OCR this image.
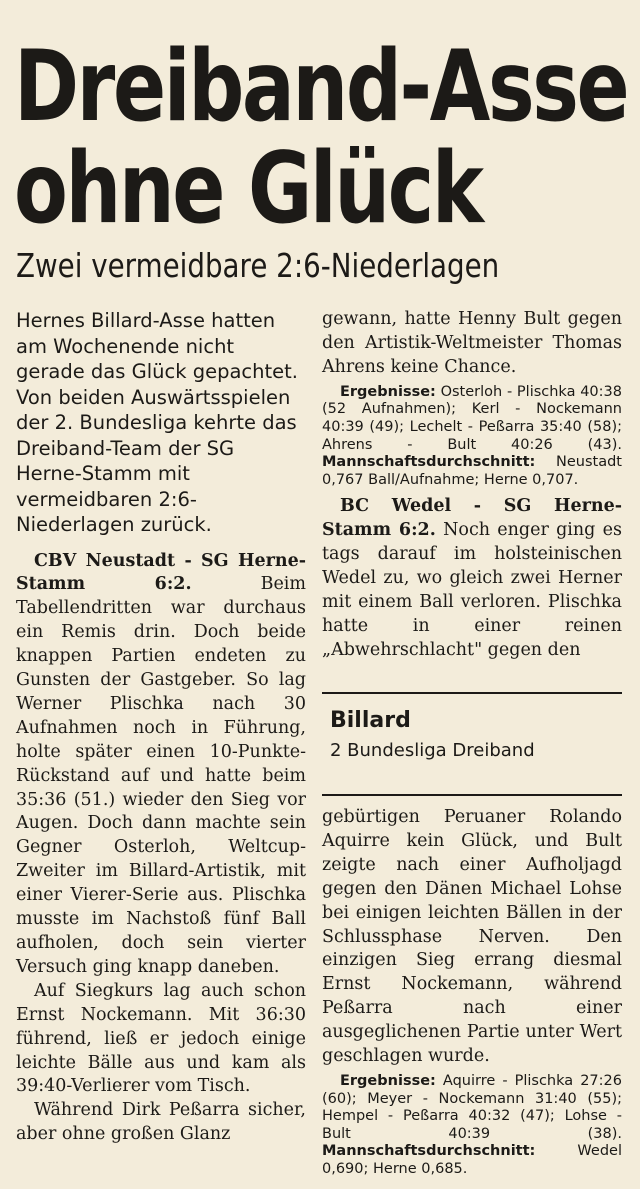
Dreiband-Asse
ohne Glück
Zwei vermeidbare 2:6-Niederlagen

Hernes Billard-Asse hatten am Wochenende nicht gerade das Glück gepachtet. Von beiden Auswärtsspielen der 2. Bundesliga kehrte das Dreiband-Team der SG Herne-Stamm mit vermeidbaren 2:6-Niederlagen zurück.

CBV Neustadt - SG Herne-Stamm 6:2.	Beim Tabellendritten war durchaus ein Remis drin. Doch beide knappen Partien endeten zu Gunsten der Gastgeber. So lag Werner Plischka nach 30 Aufnahmen noch in Führung, holte später einen 10-Punkte-Rückstand auf und hatte beim 35:36 (51.) wieder den Sieg vor Augen. Doch dann machte sein Gegner Osterloh, Weltcup-Zweiter im Billard-Artistik, mit einer Vierer-Serie aus. Plischka musste im Nachstoß fünf Ball aufholen, doch sein vierter Versuch ging knapp daneben.

Auf Siegkurs lag auch schon Ernst Nockemann. Mit 36:30 führend, ließ er jedoch einige leichte Bälle aus und kam als 39:40-Verlierer vom Tisch.

Während Dirk Peßarra sicher, aber ohne großen Glanz

gewann, hatte Henny Bult gegen den Artistik-Weltmeister Thomas Ahrens keine Chance.

Ergebnisse: Osterloh - Plischka 40:38 (52 Aufnahmen); Kerl - Nockemann 40:39 (49); Lechelt - Peßarra 35:40 (58); Ahrens - Bult 40:26 (43). Mannschaftsdurchschnitt: Neustadt 0,767 Ball/Aufnahme; Herne 0,707.

BC Wedel - SG Herne-Stamm 6:2. Noch enger ging es tags darauf im holsteinischen Wedel zu, wo gleich zwei Herner mit einem Ball verloren. Plischka hatte in einer reinen „Abwehrschlacht" gegen den

Billard
2 Bundesliga Dreiband

gebürtigen Peruaner Rolando Aquirre kein Glück, und Bult zeigte nach einer Aufholjagd gegen den Dänen Michael Lohse bei einigen leichten Bällen in der Schlussphase Nerven. Den einzigen Sieg errang diesmal Ernst Nockemann, während Peßarra nach einer ausgeglichenen Partie unter Wert geschlagen wurde.

Ergebnisse: Aquirre - Plischka 27:26 (60); Meyer - Nockemann 31:40 (55); Hempel - Peßarra 40:32 (47); Lohse - Bult 40:39 (38). Mannschaftsdurchschnitt: Wedel 0,690; Herne 0,685.
